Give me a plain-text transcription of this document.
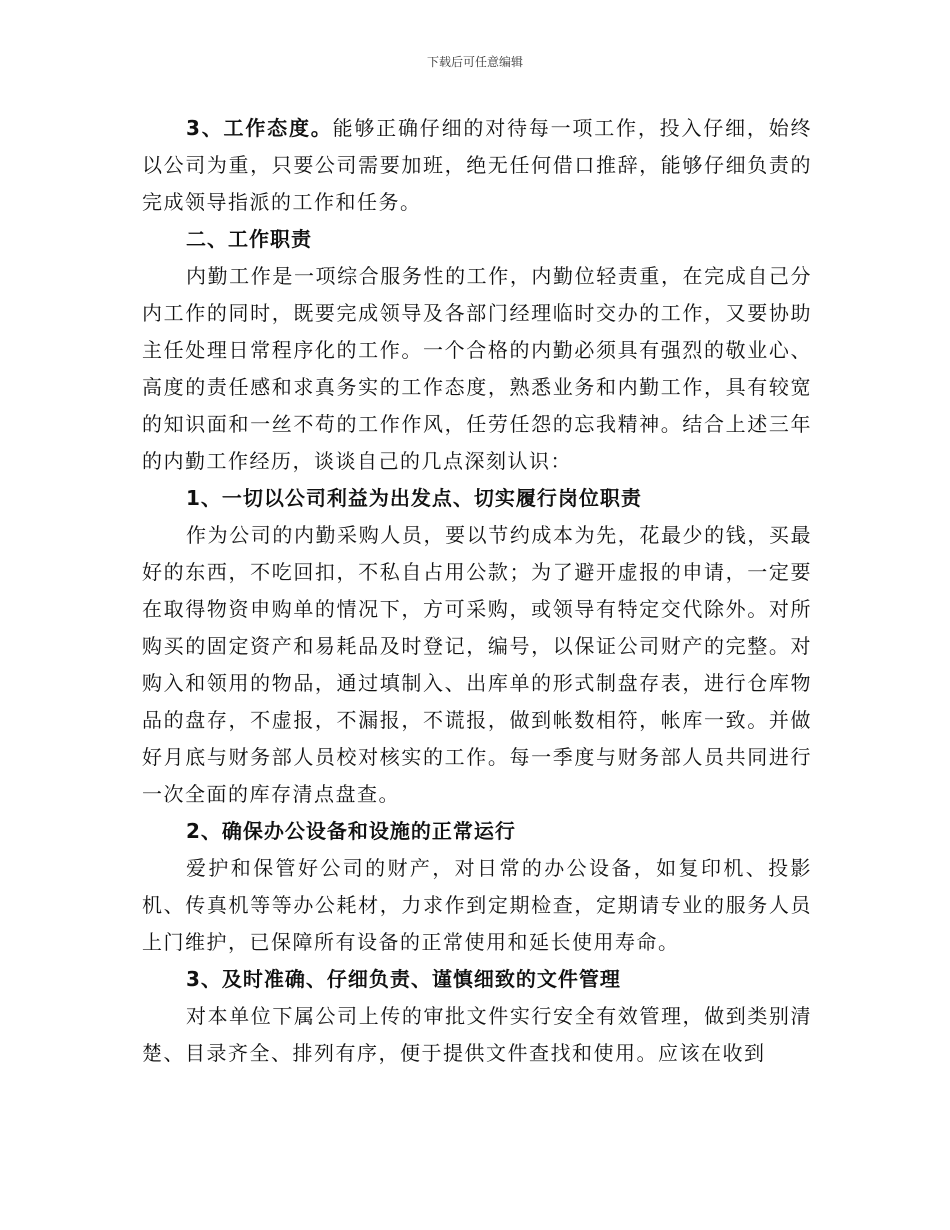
下载后可任意编辑

3、工作态度。能够正确仔细的对待每一项工作，投入仔细，始终以公司为重，只要公司需要加班，绝无任何借口推辞，能够仔细负责的完成领导指派的工作和任务。

二、工作职责

内勤工作是一项综合服务性的工作，内勤位轻责重，在完成自己分内工作的同时，既要完成领导及各部门经理临时交办的工作，又要协助主任处理日常程序化的工作。一个合格的内勤必须具有强烈的敬业心、高度的责任感和求真务实的工作态度，熟悉业务和内勤工作，具有较宽的知识面和一丝不苟的工作作风，任劳任怨的忘我精神。结合上述三年的内勤工作经历，谈谈自己的几点深刻认识：

1、一切以公司利益为出发点、切实履行岗位职责

作为公司的内勤采购人员，要以节约成本为先，花最少的钱，买最好的东西，不吃回扣，不私自占用公款；为了避开虚报的申请，一定要在取得物资申购单的情况下，方可采购，或领导有特定交代除外。对所购买的固定资产和易耗品及时登记，编号，以保证公司财产的完整。对购入和领用的物品，通过填制入、出库单的形式制盘存表，进行仓库物品的盘存，不虚报，不漏报，不谎报，做到帐数相符，帐库一致。并做好月底与财务部人员校对核实的工作。每一季度与财务部人员共同进行一次全面的库存清点盘查。

2、确保办公设备和设施的正常运行

爱护和保管好公司的财产，对日常的办公设备，如复印机、投影机、传真机等等办公耗材，力求作到定期检查，定期请专业的服务人员上门维护，已保障所有设备的正常使用和延长使用寿命。

3、及时准确、仔细负责、谨慎细致的文件管理

对本单位下属公司上传的审批文件实行安全有效管理，做到类别清楚、目录齐全、排列有序，便于提供文件查找和使用。应该在收到
